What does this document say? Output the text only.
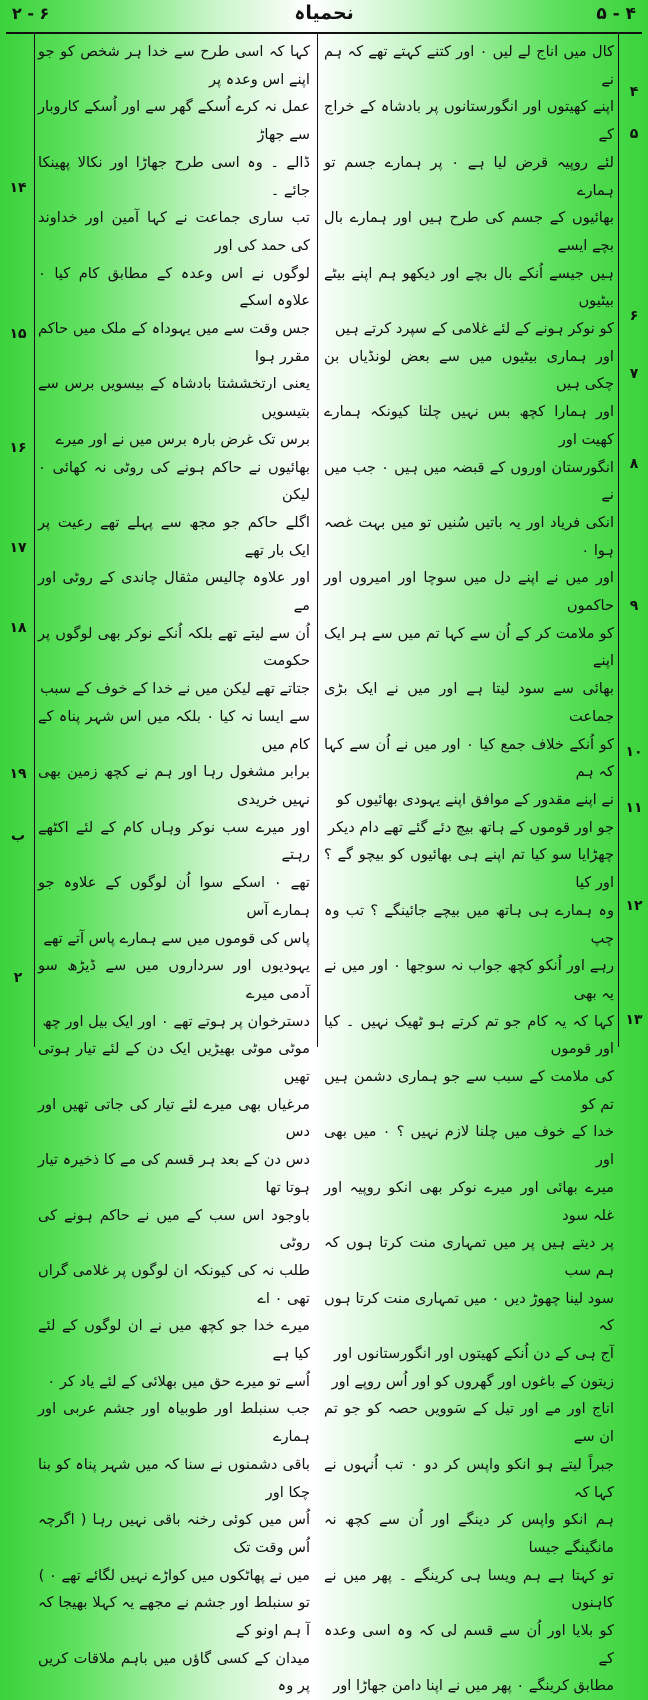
۲ - ۶	نحمیاہ	۵ - ۴
کال میں اناج لے لیں ۰ اور کتنے کہتے تھے کہ ہم نے
اپنے کھیتوں اور انگورستانوں پر بادشاہ کے خراج کے
لئے روپیہ قرض لیا ہے ۰ پر ہمارے جسم تو ہمارے
بھائیوں کے جسم کی طرح ہیں اور ہمارے بال بچے ایسے
ہیں جیسے اُنکے بال بچے اور دیکھو ہم اپنے بیٹے بیٹیوں
کو نوکر ہونے کے لئے غلامی کے سپرد کرتے ہیں
اور ہماری بیٹیوں میں سے بعض لونڈیاں بن چکی ہیں
اور ہمارا کچھ بس نہیں چلتا کیونکہ ہمارے کھیت اور
انگورستان اوروں کے قبضہ میں ہیں ۰ جب میں نے
انکی فریاد اور یہ باتیں سُنیں تو میں بہت غصہ ہوا ۰
اور میں نے اپنے دل میں سوچا اور امیروں اور حاکموں
کو ملامت کر کے اُن سے کہا تم میں سے ہر ایک اپنے
بھائی سے سود لیتا ہے اور میں نے ایک بڑی جماعت
کو اُنکے خلاف جمع کیا ۰ اور میں نے اُن سے کہا کہ ہم
نے اپنے مقدور کے موافق اپنے یہودی بھائیوں کو
جو اور قوموں کے ہاتھ بیچ دئے گئے تھے دام دیکر
چھڑایا سو کیا تم اپنے ہی بھائیوں کو بیچو گے ؟ اور کیا
وہ ہمارے ہی ہاتھ میں بیچے جائینگے ؟ تب وہ چپ
رہے اور اُنکو کچھ جواب نہ سوجھا ۰ اور میں نے یہ بھی
کہا کہ یہ کام جو تم کرتے ہو ٹھیک نہیں ۔ کیا اور قوموں
کی ملامت کے سبب سے جو ہماری دشمن ہیں تم کو
خدا کے خوف میں چلنا لازم نہیں ؟ ۰ میں بھی اور
میرے بھائی اور میرے نوکر بھی انکو روپیہ اور غلہ سود
پر دیتے ہیں پر میں تمہاری منت کرتا ہوں کہ ہم سب
سود لینا چھوڑ دیں ۰ میں تمہاری منت کرتا ہوں کہ
آج ہی کے دن اُنکے کھیتوں اور انگورستانوں اور
زیتون کے باغوں اور گھروں کو اور اُس روپے اور
اناج اور مے اور تیل کے سَوویں حصہ کو جو تم ان سے
جبراً لیتے ہو انکو واپس کر دو ۰ تب اُنہوں نے کہا کہ
ہم انکو واپس کر دینگے اور اُن سے کچھ نہ مانگینگے جیسا
تو کہتا ہے ہم ویسا ہی کرینگے ۔ پھر میں نے کاہنوں
کو بلایا اور اُن سے قسم لی کہ وہ اسی وعدہ کے
مطابق کرینگے ۰ پھر میں نے اپنا دامن جھاڑا اور
کہا کہ اسی طرح سے خدا ہر شخص کو جو اپنے اس وعدہ پر
عمل نہ کرے اُسکے گھر سے اور اُسکے کاروبار سے جھاڑ
ڈالے ۔ وہ اسی طرح جھاڑا اور نکالا پھینکا جائے ۔
تب ساری جماعت نے کہا آمین اور خداوند کی حمد کی اور
لوگوں نے اس وعدہ کے مطابق کام کیا ۰ علاوہ اسکے
جس وقت سے میں یہوداہ کے ملک میں حاکم مقرر ہوا
یعنی ارتخششتا بادشاہ کے بیسویں برس سے بتیسویں
برس تک غرض بارہ برس میں نے اور میرے
بھائیوں نے حاکم ہونے کی روٹی نہ کھائی ۰ لیکن
اگلے حاکم جو مجھ سے پہلے تھے رعیت پر ایک بار تھے
اور علاوہ چالیس مثقال چاندی کے روٹی اور مے
اُن سے لیتے تھے بلکہ اُنکے نوکر بھی لوگوں پر حکومت
جتاتے تھے لیکن میں نے خدا کے خوف کے سبب
سے ایسا نہ کیا ۰ بلکہ میں اس شہر پناہ کے کام میں
برابر مشغول رہا اور ہم نے کچھ زمین بھی نہیں خریدی
اور میرے سب نوکر وہاں کام کے لئے اکٹھے رہتے
تھے ۰ اسکے سوا اُن لوگوں کے علاوہ جو ہمارے آس
پاس کی قوموں میں سے ہمارے پاس آتے تھے
یہودیوں اور سرداروں میں سے ڈیڑھ سو آدمی میرے
دسترخوان پر ہوتے تھے ۰ اور ایک بیل اور چھ
موٹی موٹی بھیڑیں ایک دن کے لئے تیار ہوتی تھیں
مرغیاں بھی میرے لئے تیار کی جاتی تھیں اور دس
دس دن کے بعد ہر قسم کی مے کا ذخیرہ تیار ہوتا تھا
باوجود اس سب کے میں نے حاکم ہونے کی روٹی
طلب نہ کی کیونکہ ان لوگوں پر غلامی گراں تھی ۰ اے
میرے خدا جو کچھ میں نے ان لوگوں کے لئے کیا ہے
اُسے تو میرے حق میں بھلائی کے لئے یاد کر ۰
جب سنبلط اور طوبیاہ اور جشم عربی اور ہمارے
باقی دشمنوں نے سنا کہ میں شہر پناہ کو بنا چکا اور
اُس میں کوئی رخنہ باقی نہیں رہا ( اگرچہ اُس وقت تک
میں نے پھاٹکوں میں کواڑے نہیں لگائے تھے ۰ )
تو سنبلط اور جشم نے مجھے یہ کہلا بھیجا کہ آ ہم اونو کے
میدان کے کسی گاؤں میں باہم ملاقات کریں پر وہ
۴
۵
۶
۷
۸
۹
۱۰
۱۱
۱۲
۱۳
۱۴
۱۵
۱۶
۱۷
۱۸
۱۹
ب
۲
